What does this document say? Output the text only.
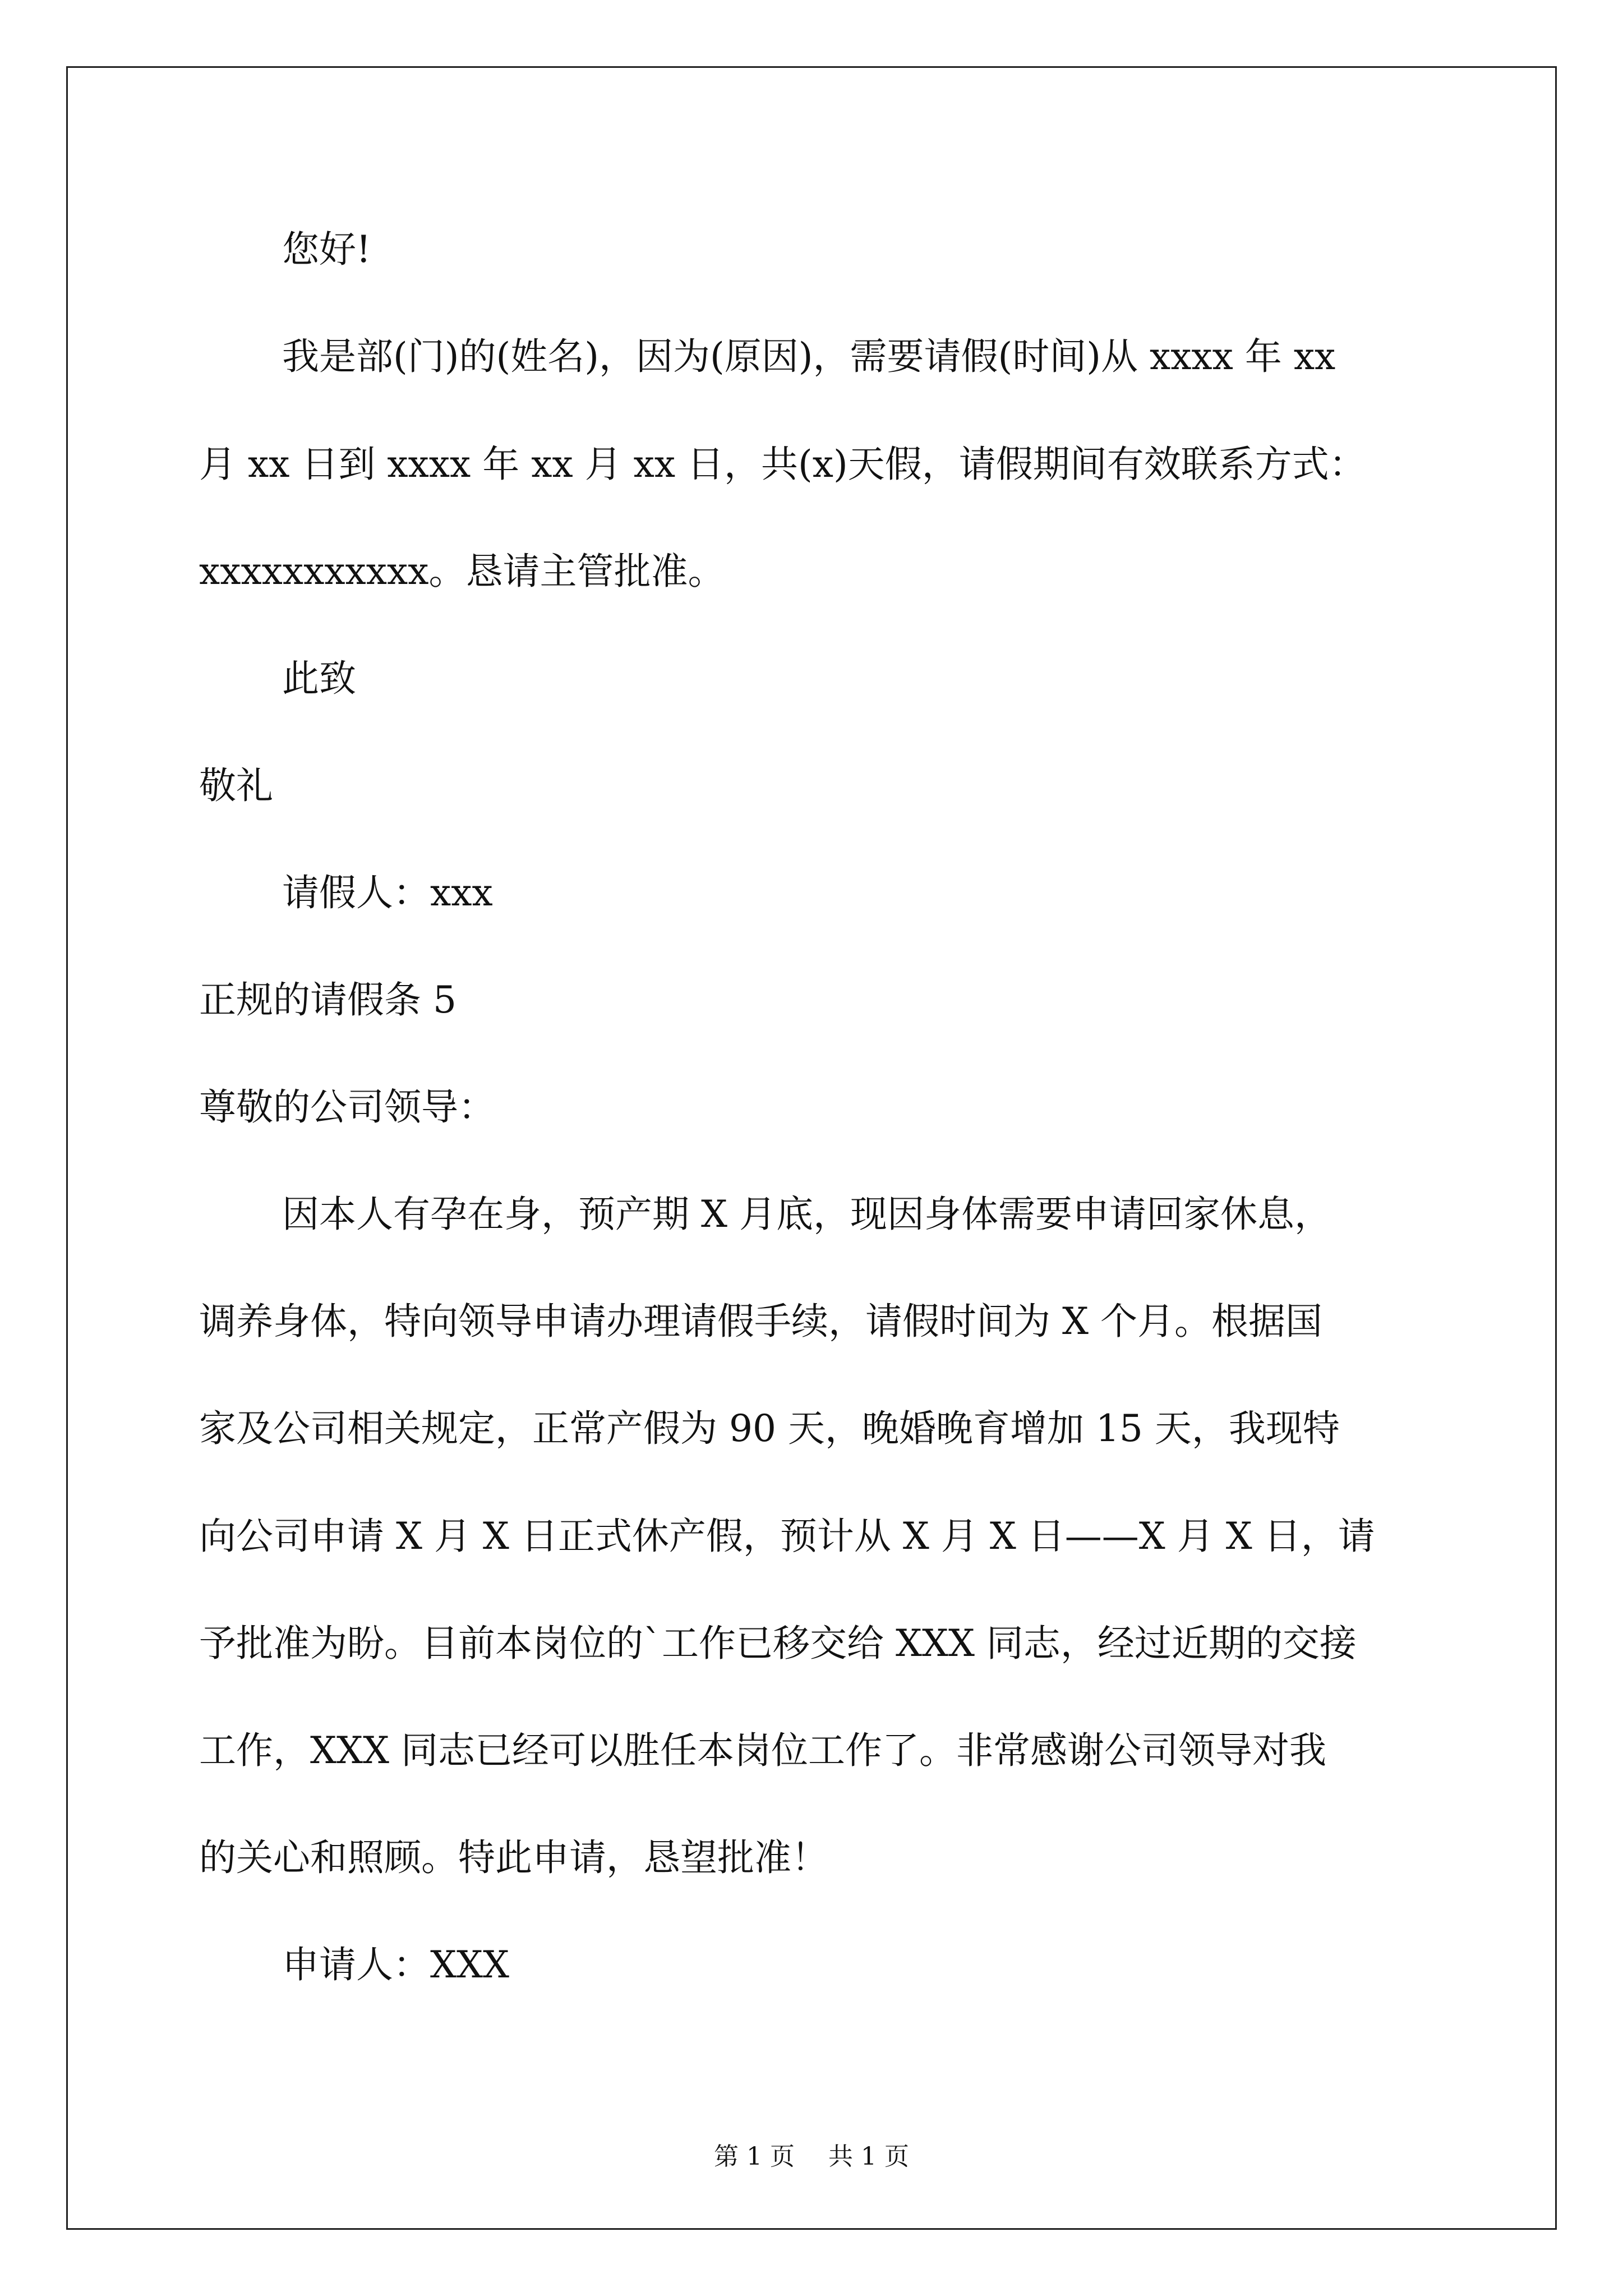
您好!
我是部(门)的(姓名)，因为(原因)，需要请假(时间)从 xxxx 年 xx
月 xx 日到 xxxx 年 xx 月 xx 日，共(x)天假，请假期间有效联系方式：
xxxxxxxxxxx。恳请主管批准。
此致
敬礼
请假人：xxx
正规的请假条 5
尊敬的公司领导：
因本人有孕在身，预产期 X 月底，现因身体需要申请回家休息，
调养身体，特向领导申请办理请假手续，请假时间为 X 个月。根据国
家及公司相关规定，正常产假为 90 天，晚婚晚育增加 15 天，我现特
向公司申请 X 月 X 日正式休产假，预计从 X 月 X 日——X 月 X 日，请
予批准为盼。目前本岗位的`工作已移交给 XXX 同志，经过近期的交接
工作，XXX 同志已经可以胜任本岗位工作了。非常感谢公司领导对我
的关心和照顾。特此申请，恳望批准！
申请人：XXX
第 1 页 共 1 页
